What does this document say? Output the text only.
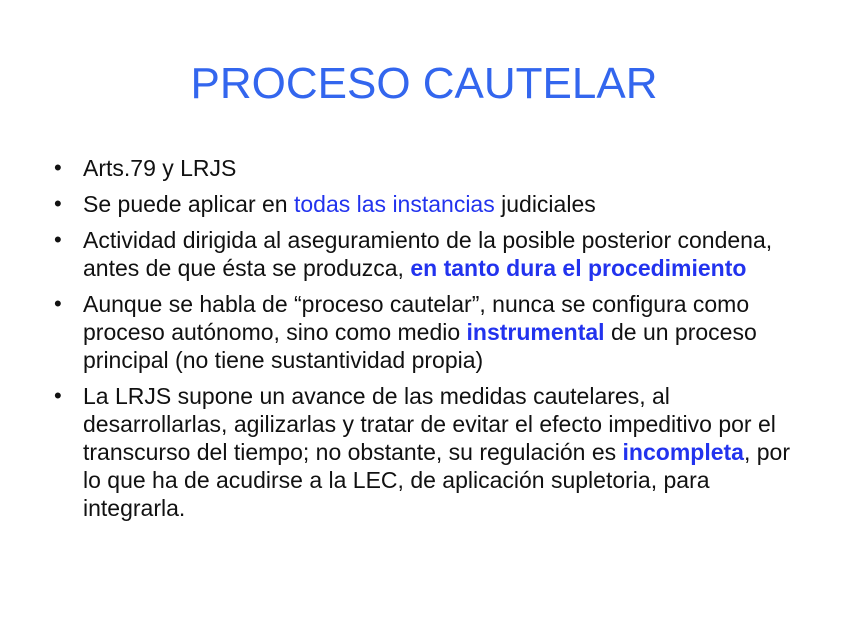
PROCESO CAUTELAR
• Arts.79 y LRJS
• Se puede aplicar en todas las instancias judiciales
• Actividad dirigida al aseguramiento de la posible posterior condena, antes de que ésta se produzca, en tanto dura el procedimiento
• Aunque se habla de “proceso cautelar”, nunca se configura como proceso autónomo, sino como medio instrumental de un proceso principal (no tiene sustantividad propia)
• La LRJS supone un avance de las medidas cautelares, al desarrollarlas, agilizarlas y tratar de evitar el efecto impeditivo por el transcurso del tiempo; no obstante, su regulación es incompleta, por lo que ha de acudirse a la LEC, de aplicación supletoria, para integrarla.
